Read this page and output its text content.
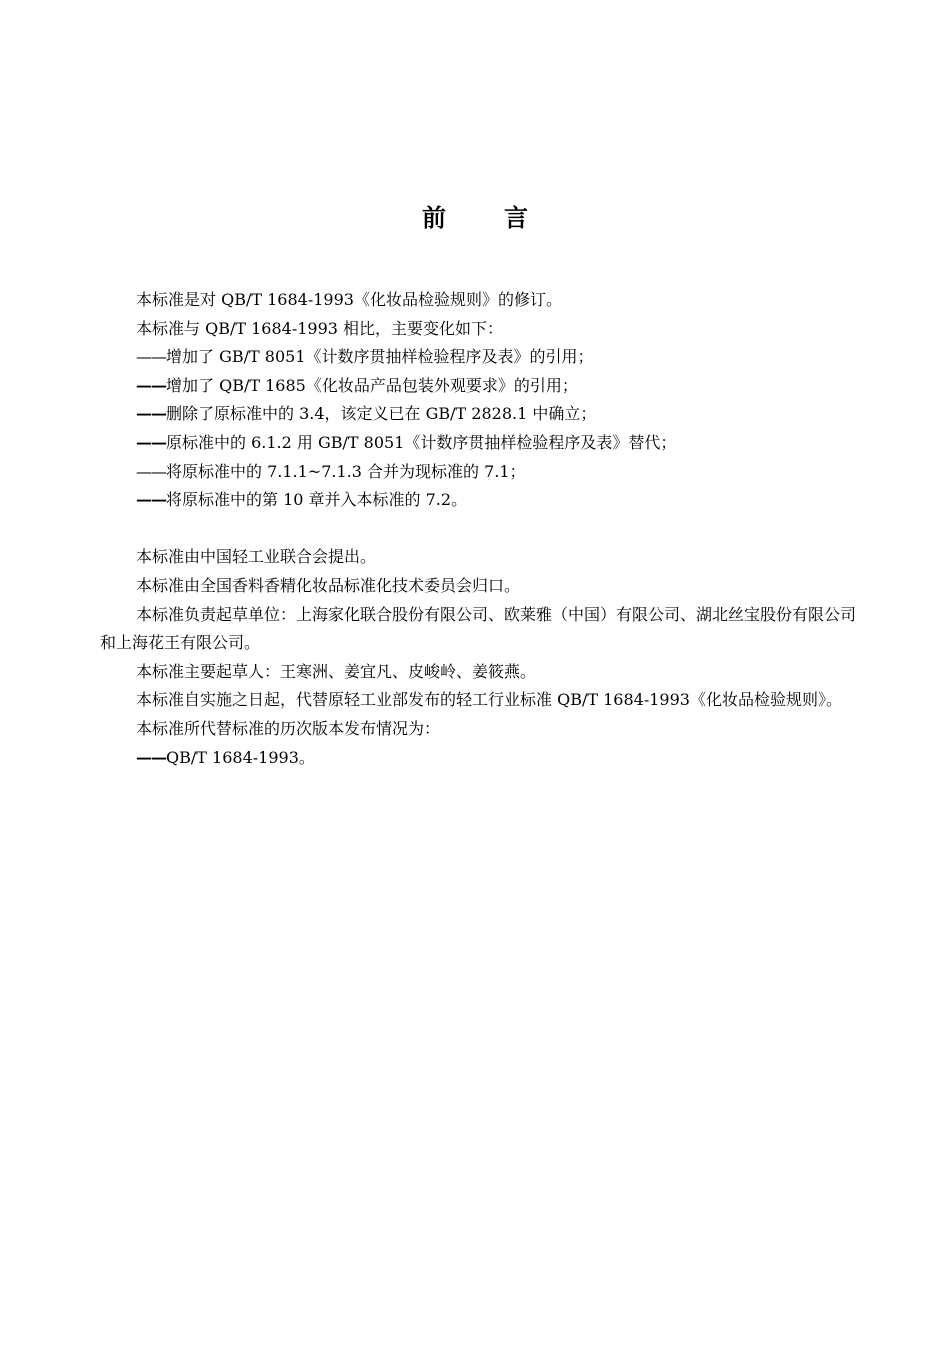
前 言

本标准是对 QB/T 1684-1993《化妆品检验规则》的修订。

本标准与 QB/T 1684-1993 相比，主要变化如下：

——增加了 GB/T 8051《计数序贯抽样检验程序及表》的引用；

——增加了 QB/T 1685《化妆品产品包装外观要求》的引用；

——删除了原标准中的 3.4，该定义已在 GB/T 2828.1 中确立；

——原标准中的 6.1.2 用 GB/T 8051《计数序贯抽样检验程序及表》替代；

——将原标准中的 7.1.1~7.1.3 合并为现标准的 7.1；

——将原标准中的第 10 章并入本标准的 7.2。

本标准由中国轻工业联合会提出。

本标准由全国香料香精化妆品标准化技术委员会归口。

本标准负责起草单位：上海家化联合股份有限公司、欧莱雅（中国）有限公司、湖北丝宝股份有限公司和上海花王有限公司。

本标准主要起草人：王寒洲、姜宜凡、皮峻岭、姜筱燕。

本标准自实施之日起，代替原轻工业部发布的轻工行业标准 QB/T 1684-1993《化妆品检验规则》。

本标准所代替标准的历次版本发布情况为：

——QB/T 1684-1993。
